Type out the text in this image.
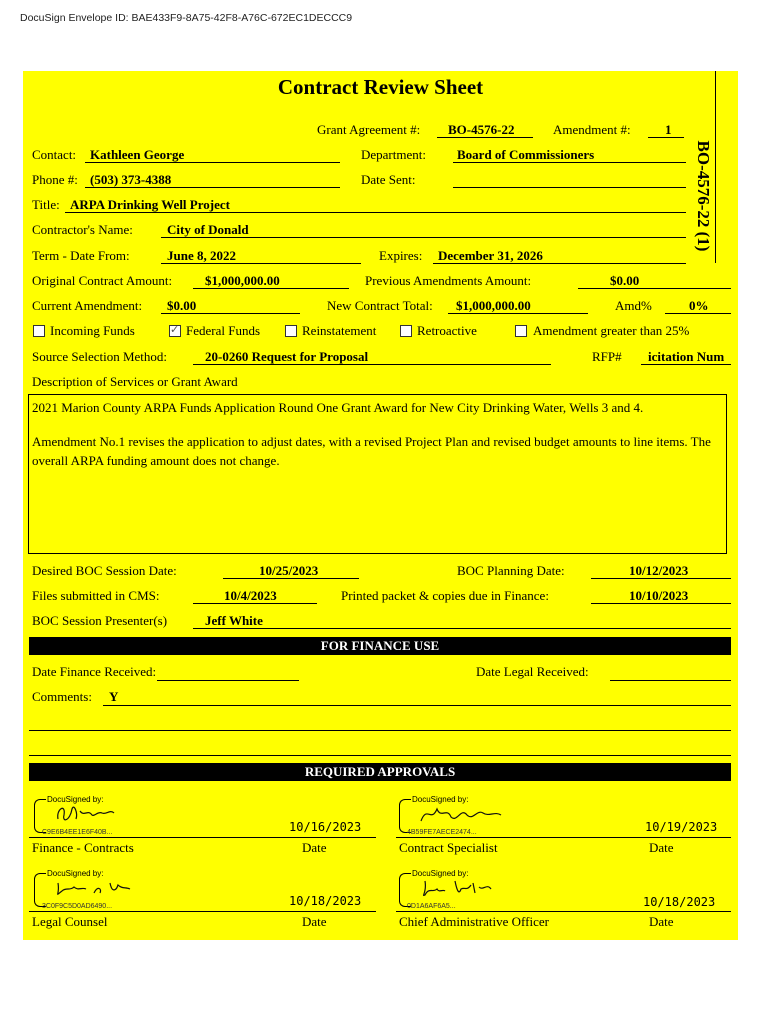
DocuSign Envelope ID: BAE433F9-8A75-42F8-A76C-672EC1DECCC9
Contract Review Sheet
BO-4576-22 (1)
Grant Agreement #: BO-4576-22	Amendment #:	1
Contact: Kathleen George	Department: Board of Commissioners
Phone #: (503) 373-4388	Date Sent:
Title: ARPA Drinking Well Project
Contractor's Name:	City of Donald
Term - Date From:	June 8, 2022	Expires: December 31, 2026
Original Contract Amount:	$1,000,000.00	Previous Amendments Amount:	$0.00
Current Amendment: $0.00	New Contract Total: $1,000,000.00	Amd%	0%
Incoming Funds
✓	Federal Funds	Reinstatement	Retroactive	Amendment greater than 25%
Source Selection Method:	20-0260 Request for Proposal	RFP# icitation Num
Description of Services or Grant Award

2021 Marion County ARPA Funds Application Round One Grant Award for New City Drinking Water, Wells 3 and 4.

Amendment No.1 revises the application to adjust dates, with a revised Project Plan and revised budget amounts to line items. The overall ARPA funding amount does not change.

Desired BOC Session Date:	10/25/2023	BOC Planning Date:	10/12/2023
Files submitted in CMS:	10/4/2023	Printed packet & copies due in Finance:	10/10/2023
BOC Session Presenter(s)	Jeff White
FOR FINANCE USE
Date Finance Received:	Date Legal Received:
Comments: Y
REQUIRED APPROVALS
DocuSigned by:
C9E6B4EE1E6F40B...	10/16/2023
Finance - Contracts	Date
DocuSigned by:
4B59FE7AECE2474...	10/19/2023
Contract Specialist	Date
DocuSigned by:
3C0F9C5D0AD6490...	10/18/2023
Legal Counsel	Date
DocuSigned by:
0D1A6AF6A5...	10/18/2023
Chief Administrative Officer	Date
